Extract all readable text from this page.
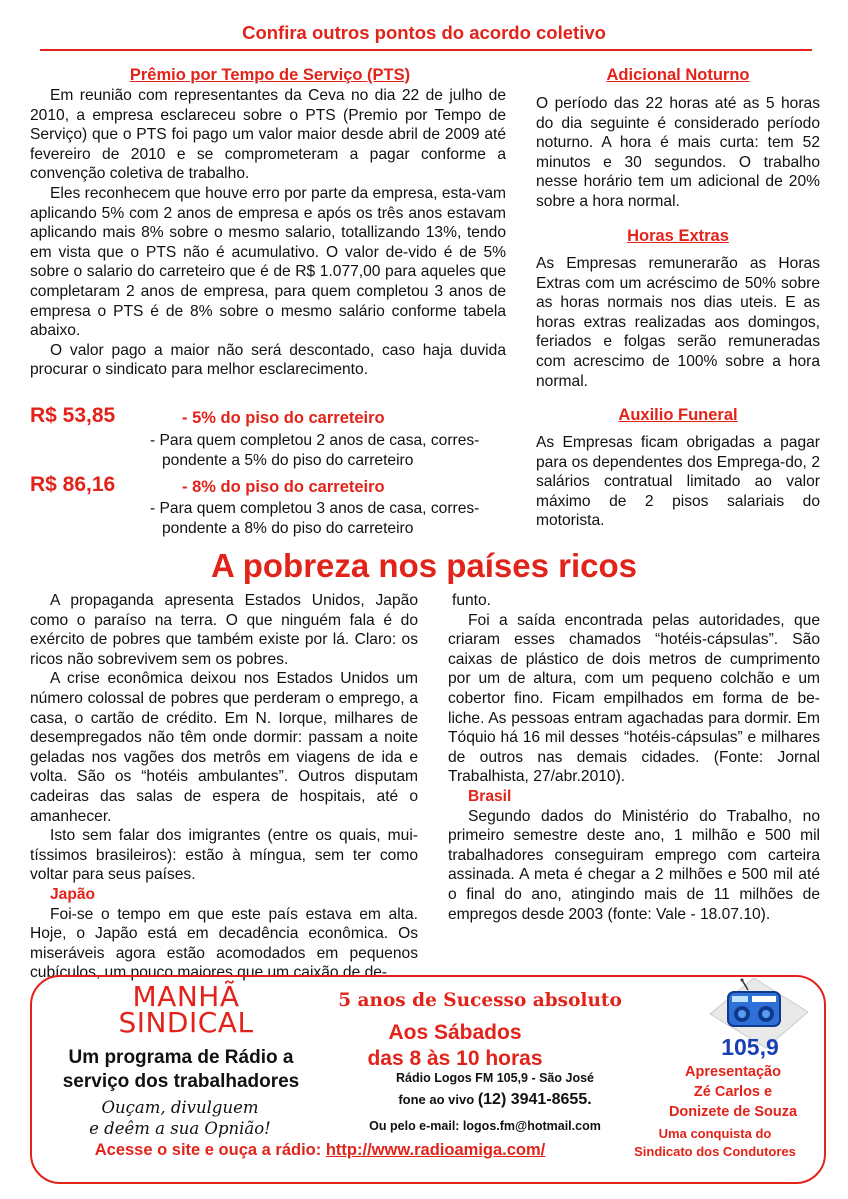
Confira outros pontos do acordo coletivo
Prêmio por Tempo de Serviço (PTS)

Em reunião com representantes da Ceva no dia 22 de julho de 2010, a empresa esclareceu sobre o PTS (Premio por Tempo de Serviço) que o PTS foi pago um valor maior desde abril de 2009 até fevereiro de 2010 e se comprometeram a pagar conforme a convenção coletiva de trabalho.

Eles reconhecem que houve erro por parte da empresa, esta-vam aplicando 5% com 2 anos de empresa e após os três anos estavam aplicando mais 8% sobre o mesmo salario, totallizando 13%, tendo em vista que o PTS não é acumulativo. O valor de-vido é de 5% sobre o salario do carreteiro que é de R$ 1.077,00 para aqueles que completaram 2 anos de empresa, para quem completou 3 anos de empresa o PTS é de 8% sobre o mesmo salário conforme tabela abaixo.

O valor pago a maior não será descontado, caso haja duvida procurar o sindicato para melhor esclarecimento.

R$ 53,85	- 5% do piso do carreteiro
- Para quem completou 2 anos de casa, corres-
pondente a 5% do piso do carreteiro
R$ 86,16	- 8% do piso do carreteiro
- Para quem completou 3 anos de casa, corres-
pondente a 8% do piso do carreteiro
Adicional Noturno
O período das 22 horas até as 5 horas do dia seguinte é considerado período noturno. A hora é mais curta: tem 52 minutos e 30 segundos. O trabalho nesse horário tem um adicional de 20% sobre a hora normal.
Horas Extras
As Empresas remunerarão as Horas Extras com um acréscimo de 50% sobre as horas normais nos dias uteis. E as horas extras realizadas aos domingos, feriados e folgas serão remuneradas com acrescimo de 100% sobre a hora normal.
Auxilio Funeral
As Empresas ficam obrigadas a pagar para os dependentes dos Emprega-do, 2 salários contratual limitado ao valor máximo de 2 pisos salariais do motorista.
A pobreza nos países ricos

A propaganda apresenta Estados Unidos, Japão como o paraíso na terra. O que ninguém fala é do exército de pobres que também existe por lá. Claro: os ricos não sobrevivem sem os pobres.

A crise econômica deixou nos Estados Unidos um número colossal de pobres que perderam o emprego, a casa, o cartão de crédito. Em N. Iorque, milhares de desempregados não têm onde dormir: passam a noite geladas nos vagões dos metrôs em viagens de ida e volta. São os “hotéis ambulantes”. Outros disputam cadeiras das salas de espera de hospitais, até o amanhecer.

Isto sem falar dos imigrantes (entre os quais, mui-tíssimos brasileiros): estão à míngua, sem ter como voltar para seus países.

Japão

Foi-se o tempo em que este país estava em alta. Hoje, o Japão está em decadência econômica. Os miseráveis agora estão acomodados em pequenos cubículos, um pouco maiores que um caixão de de-

funto.

Foi a saída encontrada pelas autoridades, que criaram esses chamados “hotéis-cápsulas”. São caixas de plástico de dois metros de cumprimento por um de altura, com um pequeno colchão e um cobertor fino. Ficam empilhados em forma de be-liche. As pessoas entram agachadas para dormir. Em Tóquio há 16 mil desses “hotéis-cápsulas” e milhares de outros nas demais cidades. (Fonte: Jornal Trabalhista, 27/abr.2010).

Brasil

Segundo dados do Ministério do Trabalho, no primeiro semestre deste ano, 1 milhão e 500 mil trabalhadores conseguiram emprego com carteira assinada. A meta é chegar a 2 milhões e 500 mil até o final do ano, atingindo mais de 11 milhões de empregos desde 2003 (fonte: Vale - 18.07.10).

MANHÃ
SINDICAL
Um programa de Rádio a
serviço dos trabalhadores
Ouçam, divulguem
e deêm a sua Opnião!
Acesse o site e ouça a rádio: http://www.radioamiga.com/
5 anos de Sucesso absoluto
Aos Sábados
das 8 às 10 horas
Rádio Logos FM 105,9 - São José
fone ao vivo (12) 3941-8655.
Ou pelo e-mail: logos.fm@hotmail.com
105,9
Apresentação
Zé Carlos e
Donizete de Souza
Uma conquista do
Sindicato dos Condutores
